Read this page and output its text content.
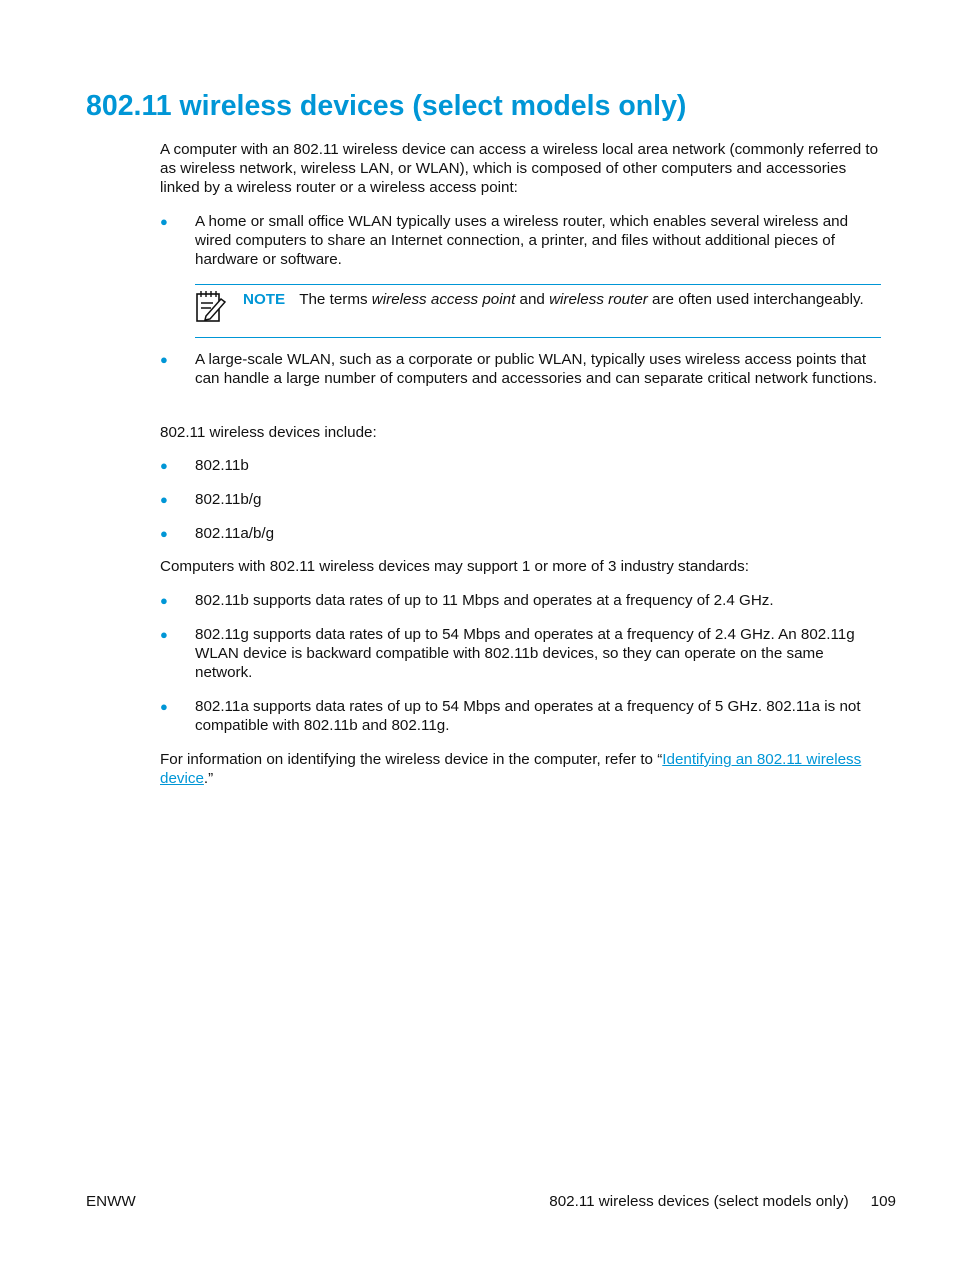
802.11 wireless devices (select models only)

A computer with an 802.11 wireless device can access a wireless local area network (commonly referred to as wireless network, wireless LAN, or WLAN), which is composed of other computers and accessories linked by a wireless router or a wireless access point:

●	A home or small office WLAN typically uses a wireless router, which enables several wireless and wired computers to share an Internet connection, a printer, and files without additional pieces of hardware or software.
NOTE The terms wireless access point and wireless router are often used interchangeably.
●	A large-scale WLAN, such as a corporate or public WLAN, typically uses wireless access points that can handle a large number of computers and accessories and can separate critical network functions.

802.11 wireless devices include:

●	802.11b
●	802.11b/g
●	802.11a/b/g

Computers with 802.11 wireless devices may support 1 or more of 3 industry standards:

●	802.11b supports data rates of up to 11 Mbps and operates at a frequency of 2.4 GHz.
●	802.11g supports data rates of up to 54 Mbps and operates at a frequency of 2.4 GHz. An 802.11g WLAN device is backward compatible with 802.11b devices, so they can operate on the same network.
●	802.11a supports data rates of up to 54 Mbps and operates at a frequency of 5 GHz. 802.11a is not compatible with 802.11b and 802.11g.

For information on identifying the wireless device in the computer, refer to “Identifying an 802.11 wireless device.”

ENWW	802.11 wireless devices (select models only) 109
